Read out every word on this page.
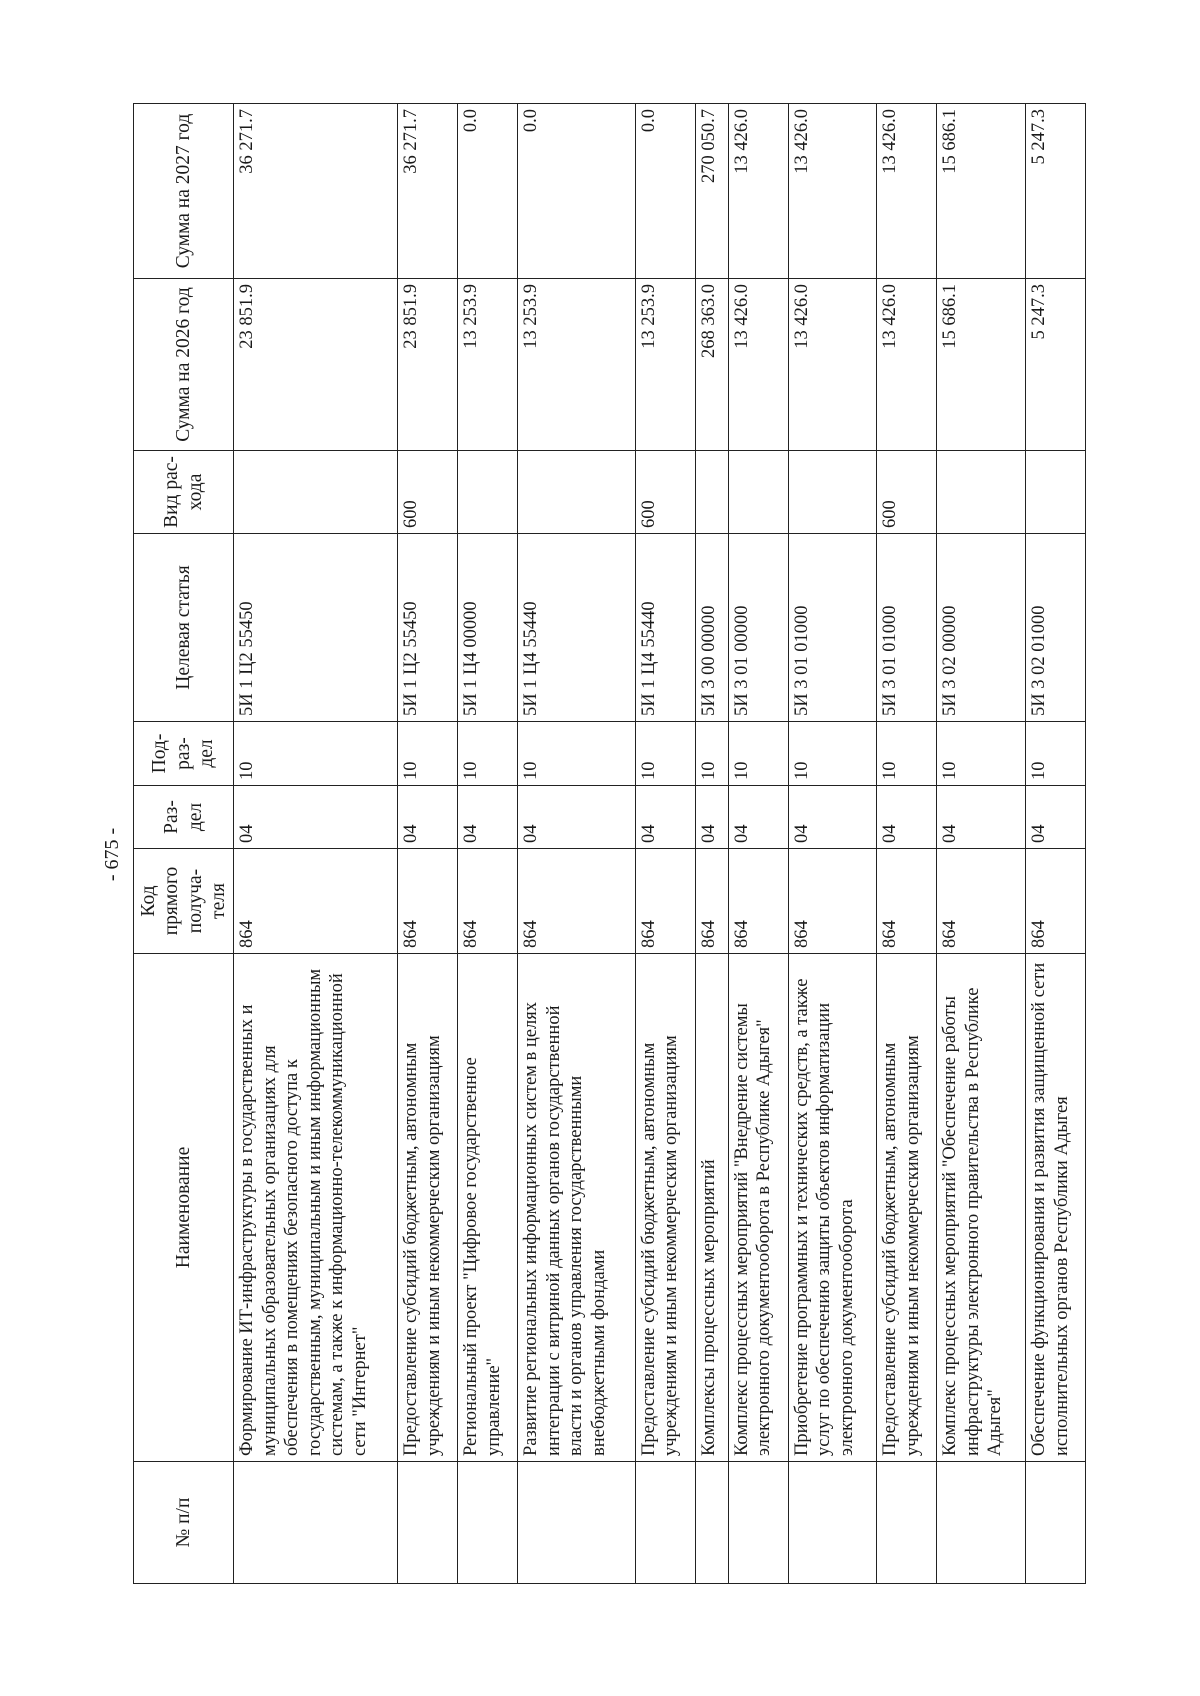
- 675 -
№ п/п	Наименование	Код прямого получа-теля	Раз-дел	Под-раз-дел	Целевая статья	Вид рас-хода	Сумма на 2026 год	Сумма на 2027 год
	Формирование ИТ-инфраструктуры в государственных и муниципальных образовательных организациях для обеспечения в помещениях безопасного доступа к государственным, муниципальным и иным информационным системам, а также к информационно-телекоммуникационной сети "Интернет"	864	04	10	5И 1 Ц2 55450		23 851.9	36 271.7
	Предоставление субсидий бюджетным, автономным учреждениям и иным некоммерческим организациям	864	04	10	5И 1 Ц2 55450	600	23 851.9	36 271.7
	Региональный проект "Цифровое государственное управление"	864	04	10	5И 1 Ц4 00000		13 253.9	0.0
	Развитие региональных информационных систем в целях интеграции с витриной данных органов государственной власти и органов управления государственными внебюджетными фондами	864	04	10	5И 1 Ц4 55440		13 253.9	0.0
	Предоставление субсидий бюджетным, автономным учреждениям и иным некоммерческим организациям	864	04	10	5И 1 Ц4 55440	600	13 253.9	0.0
	Комплексы процессных мероприятий	864	04	10	5И 3 00 00000		268 363.0	270 050.7
	Комплекс процессных мероприятий "Внедрение системы электронного документооборота в Республике Адыгея"	864	04	10	5И 3 01 00000		13 426.0	13 426.0
	Приобретение программных и технических средств, а также услуг по обеспечению защиты объектов информатизации электронного документооборота	864	04	10	5И 3 01 01000		13 426.0	13 426.0
	Предоставление субсидий бюджетным, автономным учреждениям и иным некоммерческим организациям	864	04	10	5И 3 01 01000	600	13 426.0	13 426.0
	Комплекс процессных мероприятий "Обеспечение работы инфраструктуры электронного правительства в Республике Адыгея"	864	04	10	5И 3 02 00000		15 686.1	15 686.1
	Обеспечение функционирования и развития защищенной сети исполнительных органов Республики Адыгея	864	04	10	5И 3 02 01000		5 247.3	5 247.3
